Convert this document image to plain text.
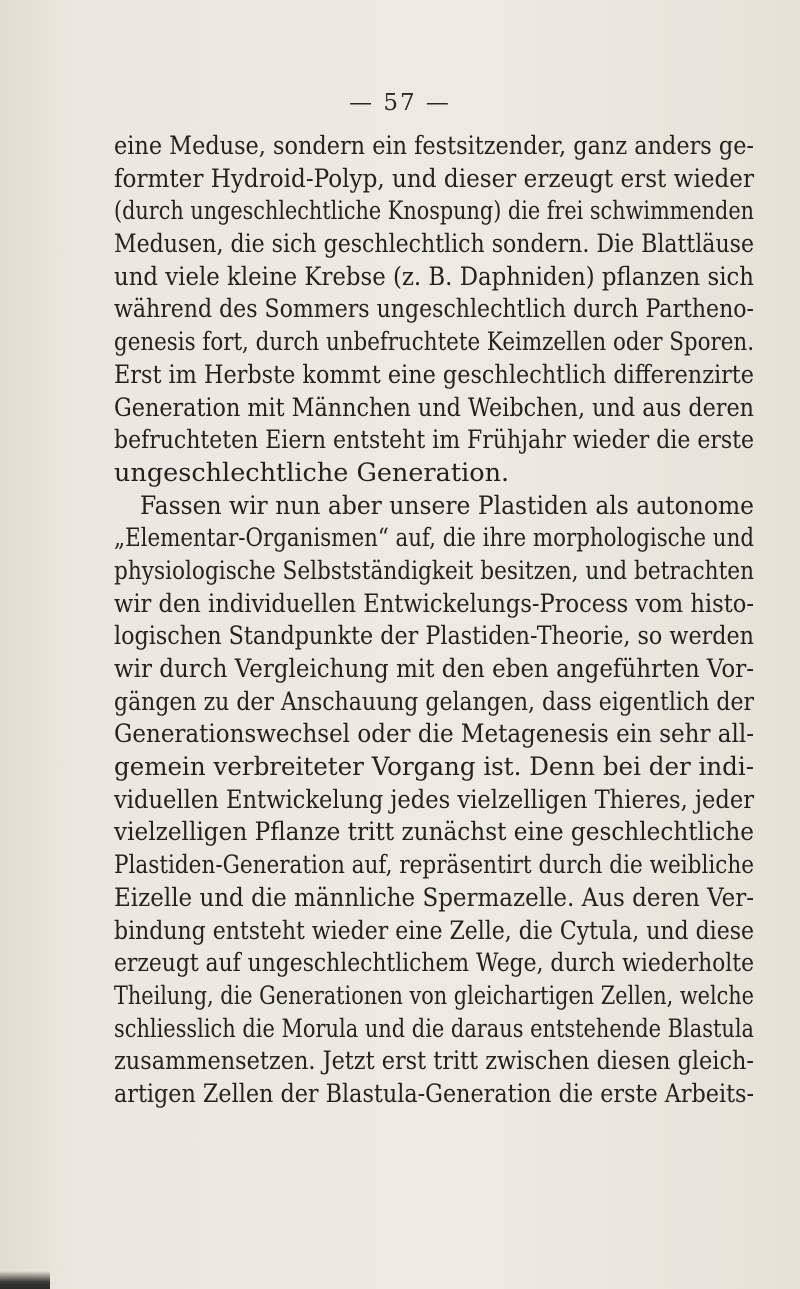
— 57 —
eine Meduse, sondern ein festsitzender, ganz anders ge-
formter Hydroid-Polyp, und dieser erzeugt erst wieder
(durch ungeschlechtliche Knospung) die frei schwimmenden
Medusen, die sich geschlechtlich sondern. Die Blattläuse
und viele kleine Krebse (z. B. Daphniden) pflanzen sich
während des Sommers ungeschlechtlich durch Partheno-
genesis fort, durch unbefruchtete Keimzellen oder Sporen.
Erst im Herbste kommt eine geschlechtlich differenzirte
Generation mit Männchen und Weibchen, und aus deren
befruchteten Eiern entsteht im Frühjahr wieder die erste
ungeschlechtliche Generation.
Fassen wir nun aber unsere Plastiden als autonome
„Elementar-Organismen“ auf, die ihre morphologische und
physiologische Selbstständigkeit besitzen, und betrachten
wir den individuellen Entwickelungs-Process vom histo-
logischen Standpunkte der Plastiden-Theorie, so werden
wir durch Vergleichung mit den eben angeführten Vor-
gängen zu der Anschauung gelangen, dass eigentlich der
Generationswechsel oder die Metagenesis ein sehr all-
gemein verbreiteter Vorgang ist. Denn bei der indi-
viduellen Entwickelung jedes vielzelligen Thieres, jeder
vielzelligen Pflanze tritt zunächst eine geschlechtliche
Plastiden-Generation auf, repräsentirt durch die weibliche
Eizelle und die männliche Spermazelle. Aus deren Ver-
bindung entsteht wieder eine Zelle, die Cytula, und diese
erzeugt auf ungeschlechtlichem Wege, durch wiederholte
Theilung, die Generationen von gleichartigen Zellen, welche
schliesslich die Morula und die daraus entstehende Blastula
zusammensetzen. Jetzt erst tritt zwischen diesen gleich-
artigen Zellen der Blastula-Generation die erste Arbeits-
